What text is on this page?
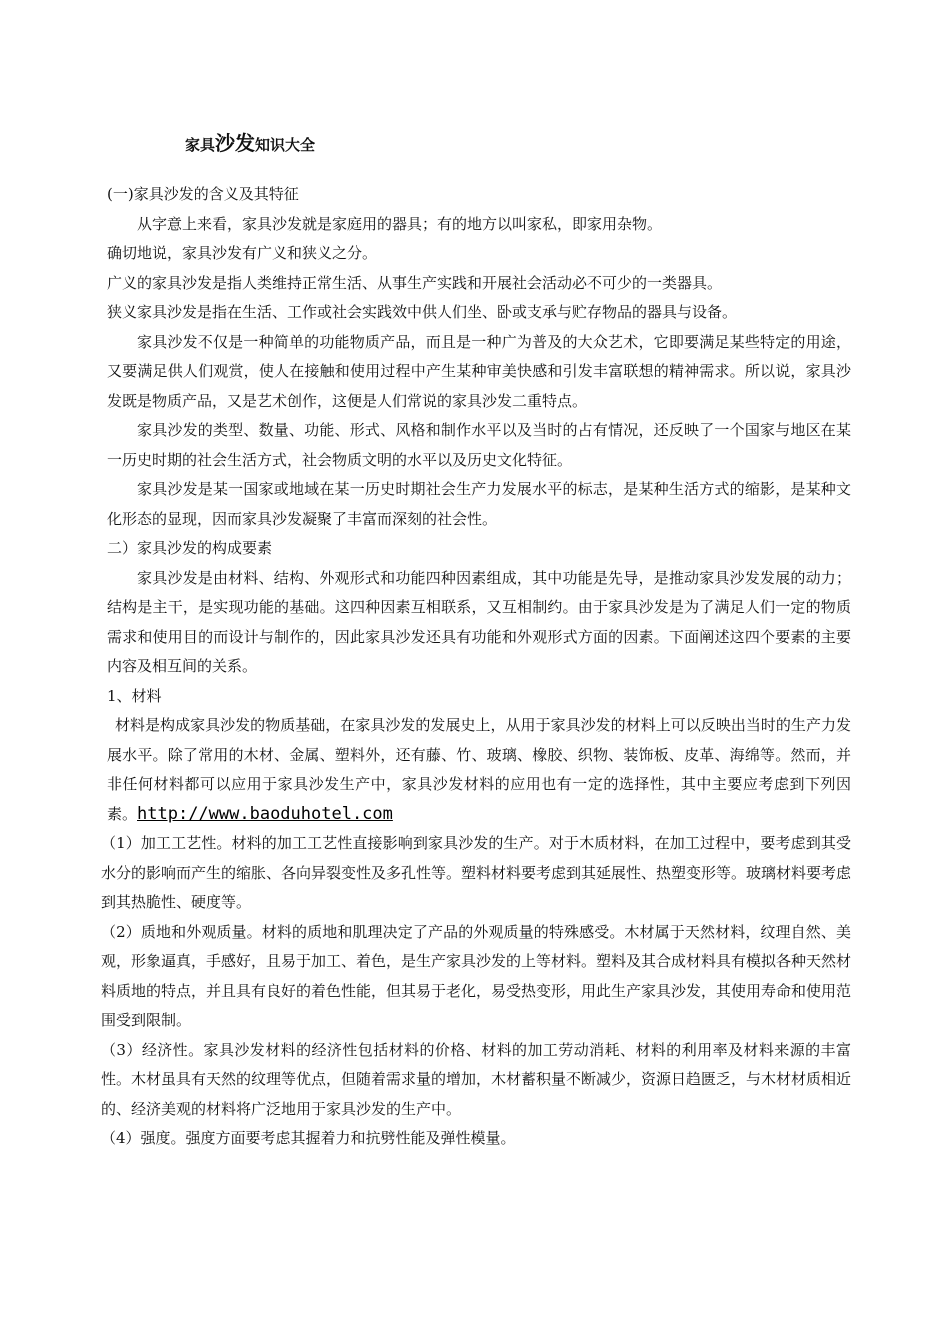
家具沙发知识大全

(一)家具沙发的含义及其特征

从字意上来看，家具沙发就是家庭用的器具；有的地方以叫家私，即家用杂物。

确切地说，家具沙发有广义和狭义之分。

广义的家具沙发是指人类维持正常生活、从事生产实践和开展社会活动必不可少的一类器具。

狭义家具沙发是指在生活、工作或社会实践效中供人们坐、卧或支承与贮存物品的器具与设备。

家具沙发不仅是一种简单的功能物质产品，而且是一种广为普及的大众艺术，它即要满足某些特定的用途，又要满足供人们观赏，使人在接触和使用过程中产生某种审美快感和引发丰富联想的精神需求。所以说，家具沙发既是物质产品，又是艺术创作，这便是人们常说的家具沙发二重特点。

家具沙发的类型、数量、功能、形式、风格和制作水平以及当时的占有情况，还反映了一个国家与地区在某一历史时期的社会生活方式，社会物质文明的水平以及历史文化特征。

家具沙发是某一国家或地域在某一历史时期社会生产力发展水平的标志，是某种生活方式的缩影，是某种文化形态的显现，因而家具沙发凝聚了丰富而深刻的社会性。

二）家具沙发的构成要素

家具沙发是由材料、结构、外观形式和功能四种因素组成，其中功能是先导，是推动家具沙发发展的动力；结构是主干，是实现功能的基础。这四种因素互相联系，又互相制约。由于家具沙发是为了满足人们一定的物质需求和使用目的而设计与制作的，因此家具沙发还具有功能和外观形式方面的因素。下面阐述这四个要素的主要内容及相互间的关系。

1、材料

材料是构成家具沙发的物质基础，在家具沙发的发展史上，从用于家具沙发的材料上可以反映出当时的生产力发展水平。除了常用的木材、金属、塑料外，还有藤、竹、玻璃、橡胶、织物、装饰板、皮革、海绵等。然而，并非任何材料都可以应用于家具沙发生产中，家具沙发材料的应用也有一定的选择性，其中主要应考虑到下列因素。http://www.baoduhotel.com

（1）加工工艺性。材料的加工工艺性直接影响到家具沙发的生产。对于木质材料，在加工过程中，要考虑到其受水分的影响而产生的缩胀、各向异裂变性及多孔性等。塑料材料要考虑到其延展性、热塑变形等。玻璃材料要考虑到其热脆性、硬度等。

（2）质地和外观质量。材料的质地和肌理决定了产品的外观质量的特殊感受。木材属于天然材料，纹理自然、美观，形象逼真，手感好，且易于加工、着色，是生产家具沙发的上等材料。塑料及其合成材料具有模拟各种天然材料质地的特点，并且具有良好的着色性能，但其易于老化，易受热变形，用此生产家具沙发，其使用寿命和使用范围受到限制。

（3）经济性。家具沙发材料的经济性包括材料的价格、材料的加工劳动消耗、材料的利用率及材料来源的丰富性。木材虽具有天然的纹理等优点，但随着需求量的增加，木材蓄积量不断减少，资源日趋匮乏，与木材材质相近的、经济美观的材料将广泛地用于家具沙发的生产中。

（4）强度。强度方面要考虑其握着力和抗劈性能及弹性模量。
